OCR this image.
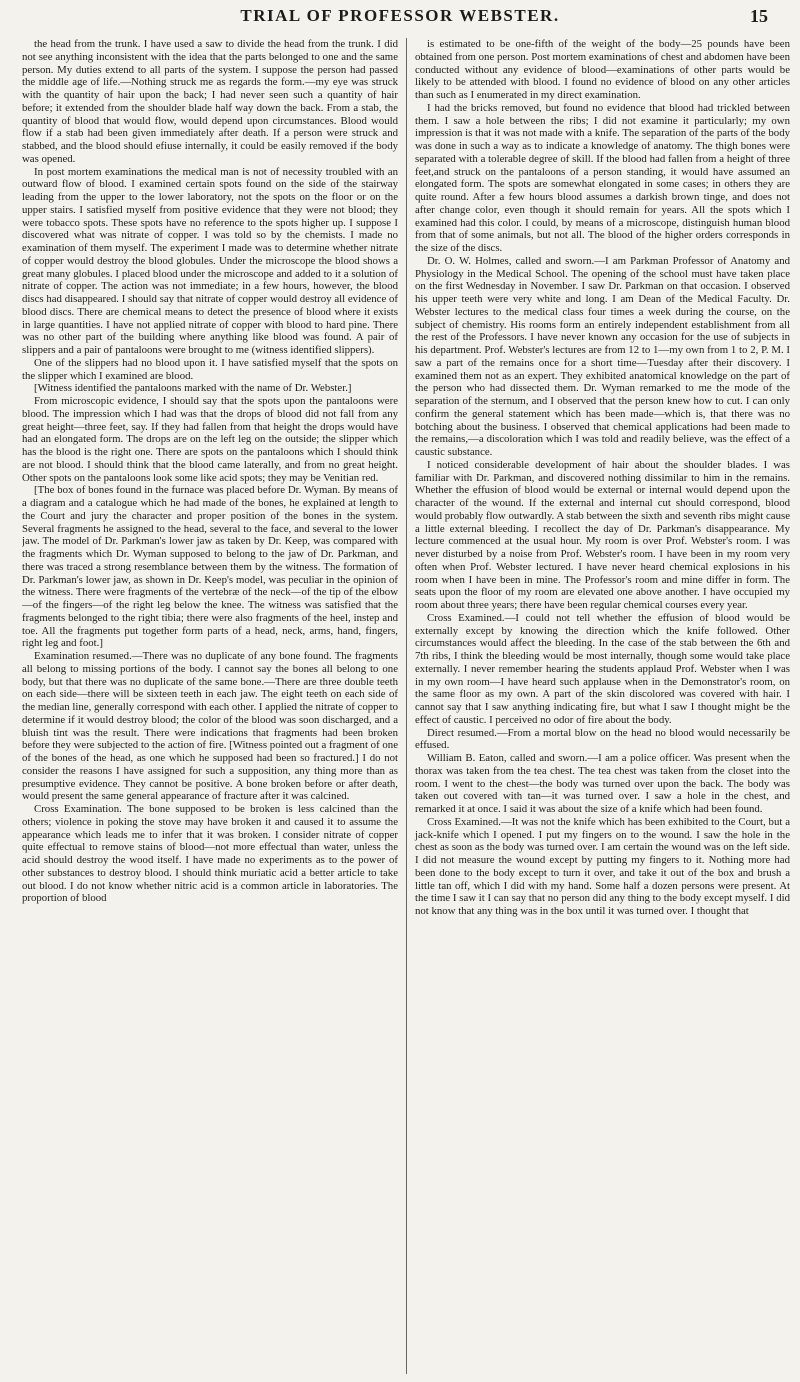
TRIAL OF PROFESSOR WEBSTER.	15

the head from the trunk. I have used a saw to divide the head from the trunk. I did not see anything inconsistent with the idea that the parts belonged to one and the same person. My duties extend to all parts of the system. I suppose the person had passed the middle age of life.—Nothing struck me as regards the form.—my eye was struck with the quantity of hair upon the back; I had never seen such a quantity of hair before; it extended from the shoulder blade half way down the back. From a stab, the quantity of blood that would flow, would depend upon circumstances. Blood would flow if a stab had been given immediately after death. If a person were struck and stabbed, and the blood should efiuse internally, it could be easily removed if the body was opened.

In post mortem examinations the medical man is not of necessity troubled with an outward flow of blood. I examined certain spots found on the side of the stairway leading from the upper to the lower laboratory, not the spots on the floor or on the upper stairs. I satisfied myself from positive evidence that they were not blood; they were tobacco spots. These spots have no reference to the spots higher up. I suppose I discovered what was nitrate of copper. I was told so by the chemists. I made no examination of them myself. The experiment I made was to determine whether nitrate of copper would destroy the blood globules. Under the microscope the blood shows a great many globules. I placed blood under the microscope and added to it a solution of nitrate of copper. The action was not immediate; in a few hours, however, the blood discs had disappeared. I should say that nitrate of copper would destroy all evidence of blood discs. There are chemical means to detect the presence of blood where it exists in large quantities. I have not applied nitrate of copper with blood to hard pine. There was no other part of the building where anything like blood was found. A pair of slippers and a pair of pantaloons were brought to me (witness identified slippers).

One of the slippers had no blood upon it. I have satisfied myself that the spots on the slipper which I examined are blood.

[Witness identified the pantaloons marked with the name of Dr. Webster.]

From microscopic evidence, I should say that the spots upon the pantaloons were blood. The impression which I had was that the drops of blood did not fall from any great height—three feet, say. If they had fallen from that height the drops would have had an elongated form. The drops are on the left leg on the outside; the slipper which has the blood is the right one. There are spots on the pantaloons which I should think are not blood. I should think that the blood came laterally, and from no great height. Other spots on the pantaloons look some like acid spots; they may be Venitian red.

[The box of bones found in the furnace was placed before Dr. Wyman. By means of a diagram and a catalogue which he had made of the bones, he explained at length to the Court and jury the character and proper position of the bones in the system. Several fragments he assigned to the head, several to the face, and several to the lower jaw. The model of Dr. Parkman's lower jaw as taken by Dr. Keep, was compared with the fragments which Dr. Wyman supposed to belong to the jaw of Dr. Parkman, and there was traced a strong resemblance between them by the witness. The formation of Dr. Parkman's lower jaw, as shown in Dr. Keep's model, was peculiar in the opinion of the witness. There were fragments of the vertebræ of the neck—of the tip of the elbow—of the fingers—of the right leg below the knee. The witness was satisfied that the fragments belonged to the right tibia; there were also fragments of the heel, instep and toe. All the fragments put together form parts of a head, neck, arms, hand, fingers, right leg and foot.]

Examination resumed.—There was no duplicate of any bone found. The fragments all belong to missing portions of the body. I cannot say the bones all belong to one body, but that there was no duplicate of the same bone.—There are three double teeth on each side—there will be sixteen teeth in each jaw. The eight teeth on each side of the median line, generally correspond with each other. I applied the nitrate of copper to determine if it would destroy blood; the color of the blood was soon discharged, and a bluish tint was the result. There were indications that fragments had been broken before they were subjected to the action of fire. [Witness pointed out a fragment of one of the bones of the head, as one which he supposed had been so fractured.] I do not consider the reasons I have assigned for such a supposition, any thing more than as presumptive evidence. They cannot be positive. A bone broken before or after death, would present the same general appearance of fracture after it was calcined.

Cross Examination. The bone supposed to be broken is less calcined than the others; violence in poking the stove may have broken it and caused it to assume the appearance which leads me to infer that it was broken. I consider nitrate of copper quite effectual to remove stains of blood—not more effectual than water, unless the acid should destroy the wood itself. I have made no experiments as to the power of other substances to destroy blood. I should think muriatic acid a better article to take out blood. I do not know whether nitric acid is a common article in laboratories. The proportion of blood

is estimated to be one-fifth of the weight of the body—25 pounds have been obtained from one person. Post mortem examinations of chest and abdomen have been conducted without any evidence of blood—examinations of other parts would be likely to be attended with blood. I found no evidence of blood on any other articles than such as I enumerated in my direct examination.

I had the bricks removed, but found no evidence that blood had trickled between them. I saw a hole between the ribs; I did not examine it particularly; my own impression is that it was not made with a knife. The separation of the parts of the body was done in such a way as to indicate a knowledge of anatomy. The thigh bones were separated with a tolerable degree of skill. If the blood had fallen from a height of three feet,and struck on the pantaloons of a person standing, it would have assumed an elongated form. The spots are somewhat elongated in some cases; in others they are quite round. After a few hours blood assumes a darkish brown tinge, and does not after change color, even though it should remain for years. All the spots which I examined had this color. I could, by means of a microscope, distinguish human blood from that of some animals, but not all. The blood of the higher orders corresponds in the size of the discs.

Dr. O. W. Holmes, called and sworn.—I am Parkman Professor of Anatomy and Physiology in the Medical School. The opening of the school must have taken place on the first Wednesday in November. I saw Dr. Parkman on that occasion. I observed his upper teeth were very white and long. I am Dean of the Medical Faculty. Dr. Webster lectures to the medical class four times a week during the course, on the subject of chemistry. His rooms form an entirely independent establishment from all the rest of the Professors. I have never known any occasion for the use of subjects in his department. Prof. Webster's lectures are from 12 to 1—my own from 1 to 2, P. M. I saw a part of the remains once for a short time—Tuesday after their discovery. I examined them not as an expert. They exhibited anatomical knowledge on the part of the person who had dissected them. Dr. Wyman remarked to me the mode of the separation of the sternum, and I observed that the person knew how to cut. I can only confirm the general statement which has been made—which is, that there was no botching about the business. I observed that chemical applications had been made to the remains,—a discoloration which I was told and readily believe, was the effect of a caustic substance.

I noticed considerable development of hair about the shoulder blades. I was familiar with Dr. Parkman, and discovered nothing dissimilar to him in the remains. Whether the effusion of blood would be external or internal would depend upon the character of the wound. If the external and internal cut should correspond, blood would probably flow outwardly. A stab between the sixth and seventh ribs might cause a little external bleeding. I recollect the day of Dr. Parkman's disappearance. My lecture commenced at the usual hour. My room is over Prof. Webster's room. I was never disturbed by a noise from Prof. Webster's room. I have been in my room very often when Prof. Webster lectured. I have never heard chemical explosions in his room when I have been in mine. The Professor's room and mine differ in form. The seats upon the floor of my room are elevated one above another. I have occupied my room about three years; there have been regular chemical courses every year.

Cross Examined.—I could not tell whether the effusion of blood would be externally except by knowing the direction which the knife followed. Other circumstances would affect the bleeding. In the case of the stab between the 6th and 7th ribs, I think the bleeding would be most internally, though some would take place externally. I never remember hearing the students applaud Prof. Webster when I was in my own room—I have heard such applause when in the Demonstrator's room, on the same floor as my own. A part of the skin discolored was covered with hair. I cannot say that I saw anything indicating fire, but what I saw I thought might be the effect of caustic. I perceived no odor of fire about the body.

Direct resumed.—From a mortal blow on the head no blood would necessarily be effused.

William B. Eaton, called and sworn.—I am a police officer. Was present when the thorax was taken from the tea chest. The tea chest was taken from the closet into the room. I went to the chest—the body was turned over upon the back. The body was taken out covered with tan—it was turned over. I saw a hole in the chest, and remarked it at once. I said it was about the size of a knife which had been found.

Cross Examined.—It was not the knife which has been exhibited to the Court, but a jack-knife which I opened. I put my fingers on to the wound. I saw the hole in the chest as soon as the body was turned over. I am certain the wound was on the left side. I did not measure the wound except by putting my fingers to it. Nothing more had been done to the body except to turn it over, and take it out of the box and brush a little tan off, which I did with my hand. Some half a dozen persons were present. At the time I saw it I can say that no person did any thing to the body except myself. I did not know that any thing was in the box until it was turned over. I thought that
